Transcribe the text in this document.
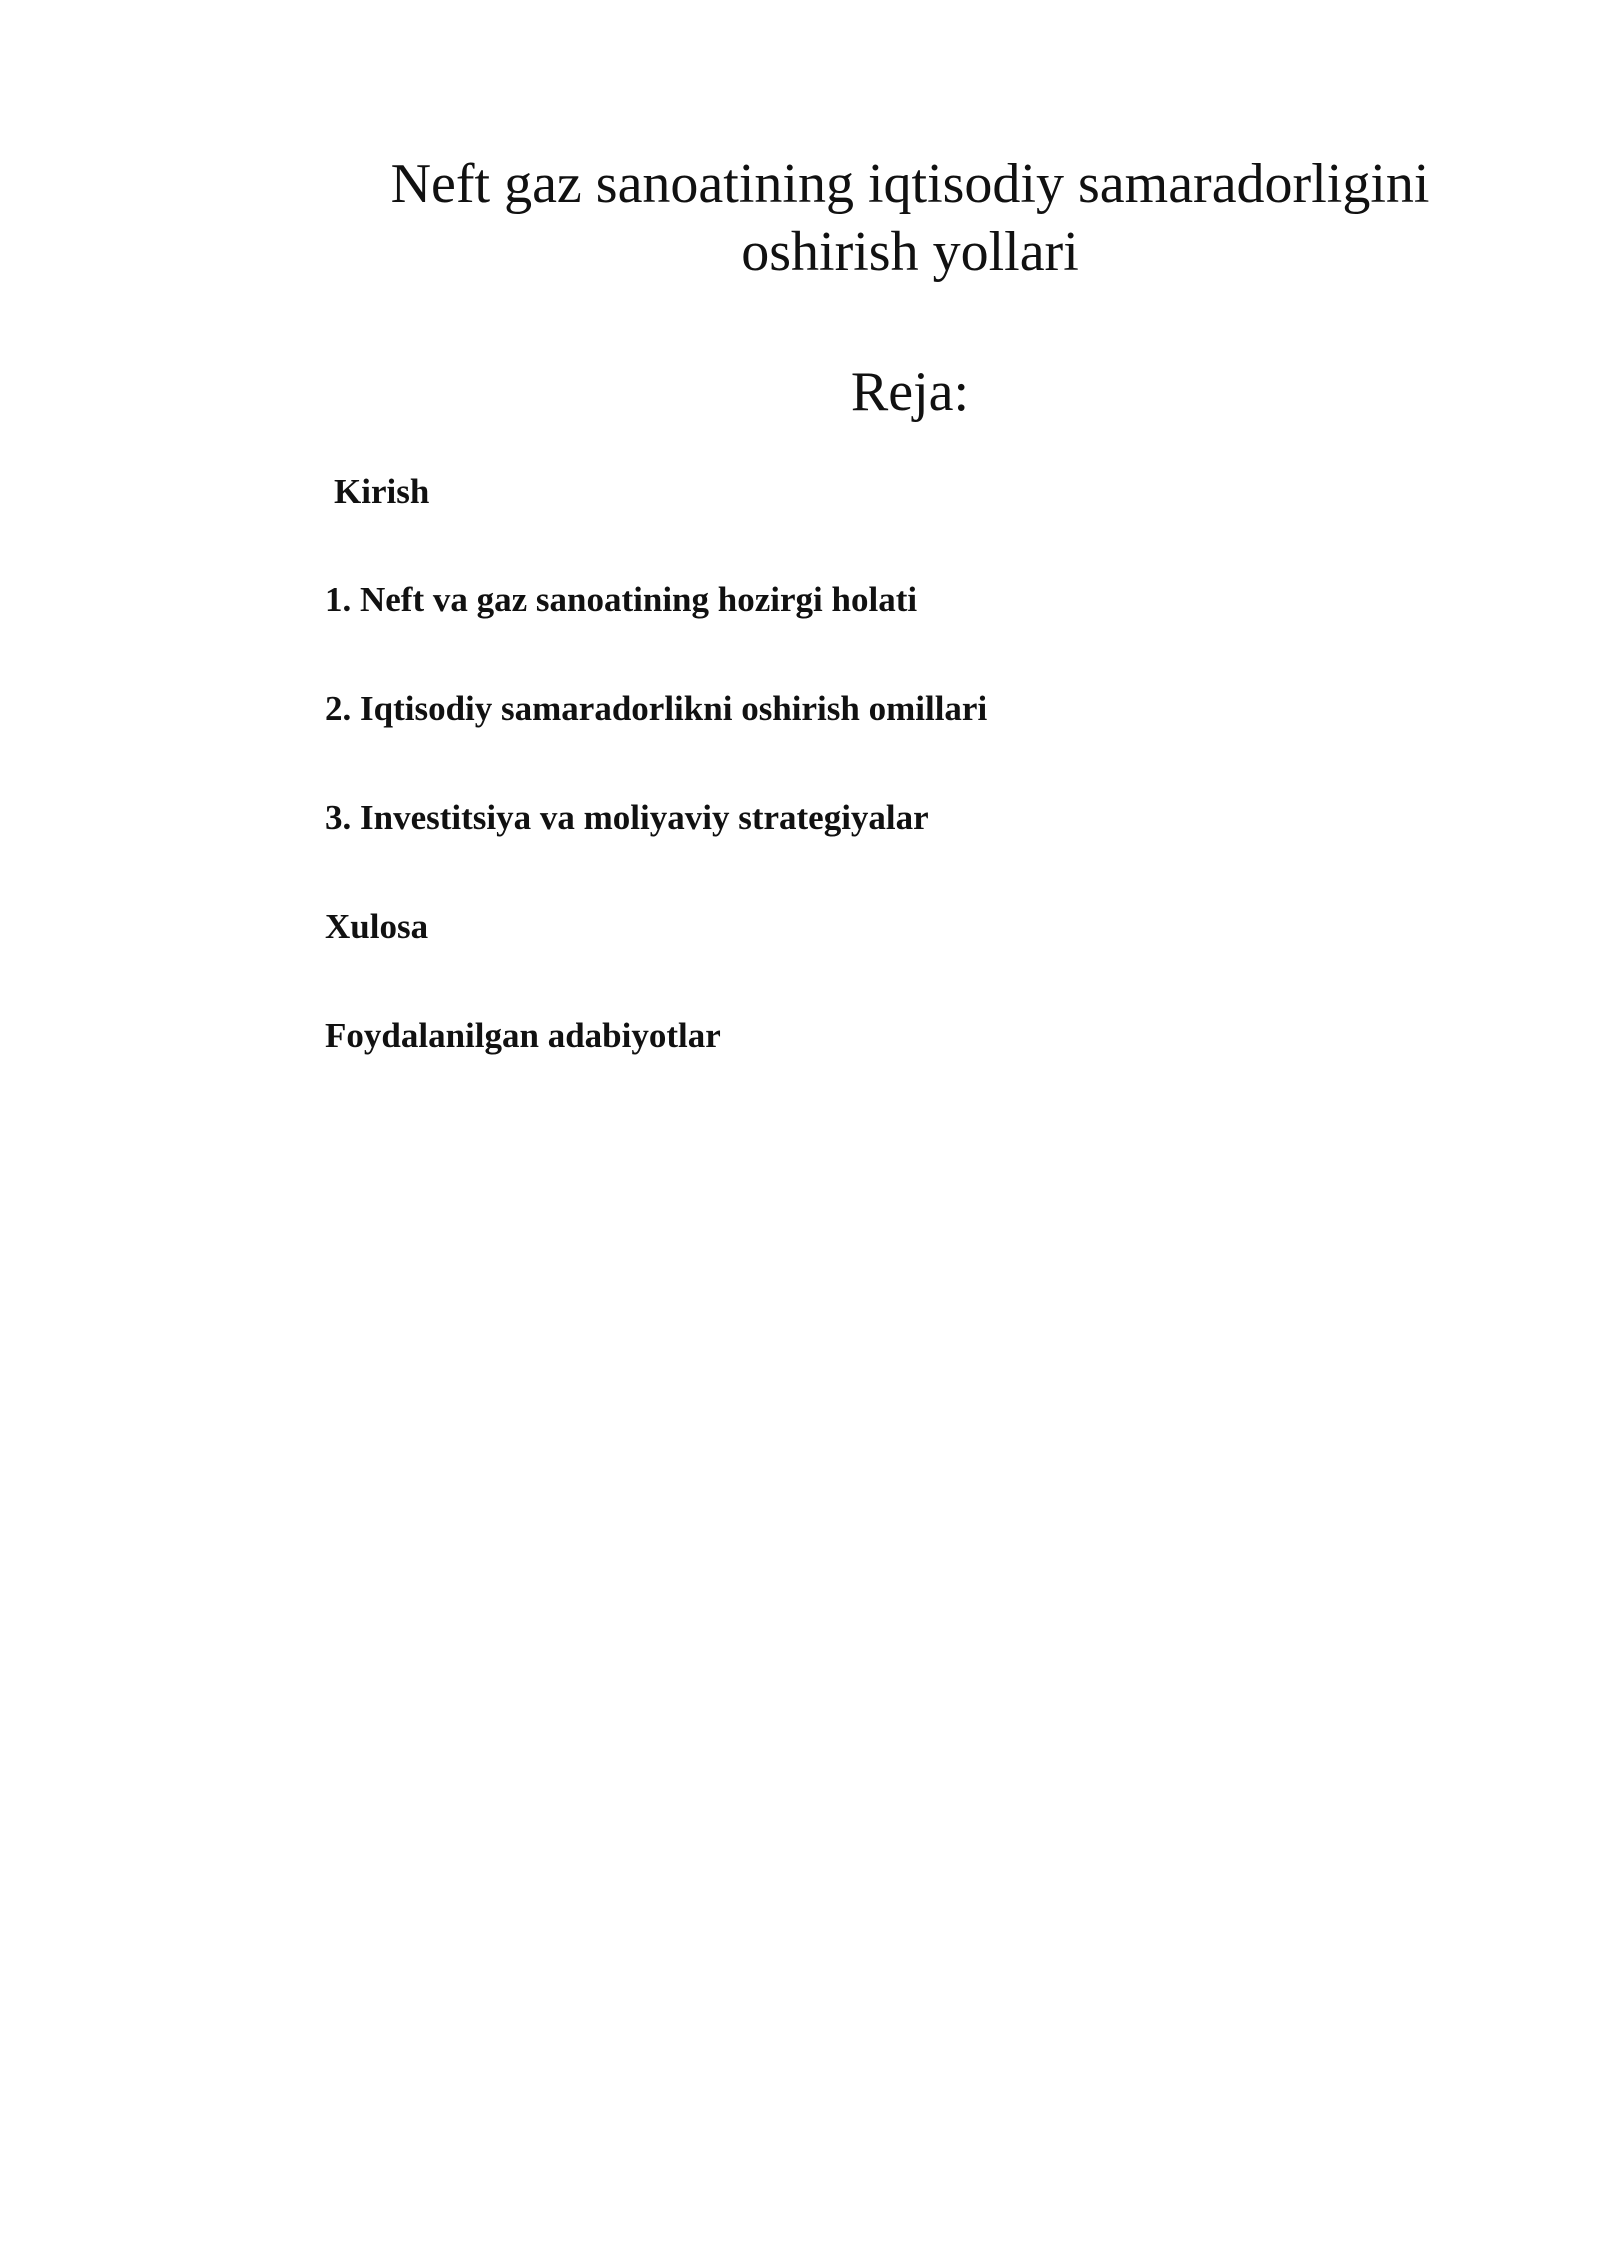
Neft gaz sanoatining iqtisodiy samaradorligini
oshirish yollari
Reja:

Kirish

1. Neft va gaz sanoatining hozirgi holati

2. Iqtisodiy samaradorlikni oshirish omillari

3. Investitsiya va moliyaviy strategiyalar

Xulosa

Foydalanilgan adabiyotlar
